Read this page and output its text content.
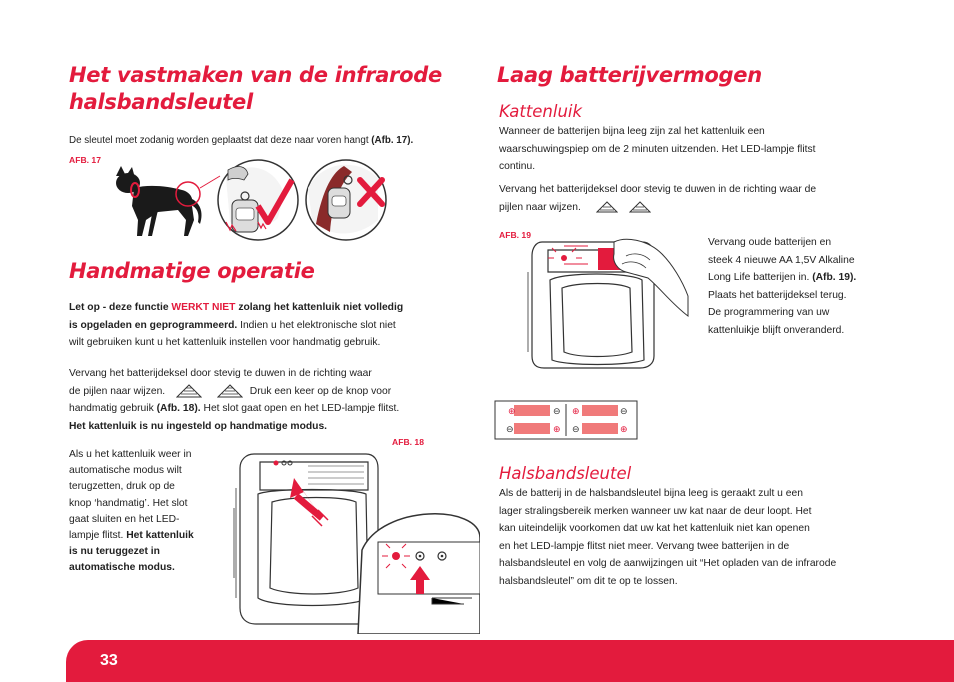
Het vastmaken van de infrarode
halsbandsleutel

De sleutel moet zodanig worden geplaatst dat deze naar voren hangt (Afb. 17).

AFB. 17
Handmatige operatie

Let op - deze functie WERKT NIET zolang het kattenluik niet volledig

is opgeladen en geprogrammeerd. Indien u het elektronische slot niet

wilt gebruiken kunt u het kattenluik instellen voor handmatig gebruik.

Vervang het batterijdeksel door stevig te duwen in de richting waar

de pijlen naar wijzen.	Druk een keer op de knop voor

handmatig gebruik (Afb. 18). Het slot gaat open en het LED-lampje flitst.

Het kattenluik is nu ingesteld op handmatige modus.

Als u het kattenluik weer in

automatische modus wilt

terugzetten, druk op de

knop ‘handmatig’. Het slot

gaat sluiten en het LED-

lampje flitst. Het kattenluik

is nu teruggezet in

automatische modus.

AFB. 18
Laag batterijvermogen
Kattenluik

Wanneer de batterijen bijna leeg zijn zal het kattenluik een

waarschuwingspiep om de 2 minuten uitzenden. Het LED-lampje flitst

continu.

Vervang het batterijdeksel door stevig te duwen in de richting waar de

pijlen naar wijzen.

AFB. 19

Vervang oude batterijen en

steek 4 nieuwe AA 1,5V Alkaline

Long Life batterijen in. (Afb. 19).

Plaats het batterijdeksel terug.

De programmering van uw

kattenluikje blijft onveranderd.

⊕	⊖
⊖	⊕
⊕	⊖
⊖	⊕
Halsbandsleutel

Als de batterij in de halsbandsleutel bijna leeg is geraakt zult u een

lager stralingsbereik merken wanneer uw kat naar de deur loopt. Het

kan uiteindelijk voorkomen dat uw kat het kattenluik niet kan openen

en het LED-lampje flitst niet meer. Vervang twee batterijen in de

halsbandsleutel en volg de aanwijzingen uit “Het opladen van de infrarode

halsbandsleutel” om dit te op te lossen.

33
